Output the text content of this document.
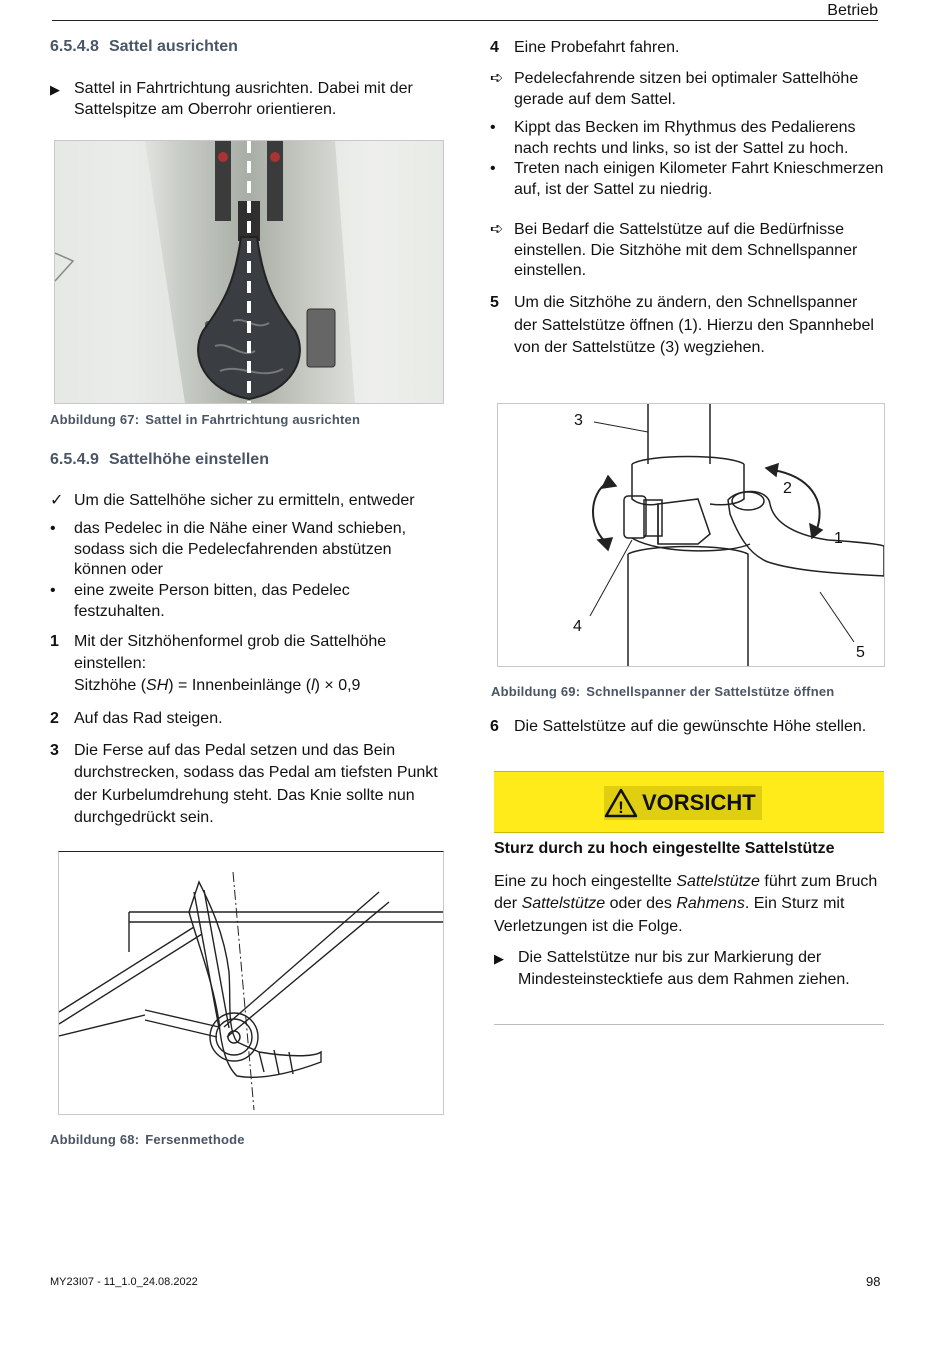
Betrieb
6.5.4.8 Sattel ausrichten
▶ Sattel in Fahrtrichtung ausrichten. Dabei mit der Sattelspitze am Oberrohr orientieren.
Abbildung 67: Sattel in Fahrtrichtung ausrichten
6.5.4.9 Sattelhöhe einstellen
✓ Um die Sattelhöhe sicher zu ermitteln, entweder
•	das Pedelec in die Nähe einer Wand schieben, sodass sich die Pedelecfahrenden abstützen können oder
•	eine zweite Person bitten, das Pedelec festzuhalten.
1 Mit der Sitzhöhenformel grob die Sattelhöhe einstellen:
Sitzhöhe (SH) = Innenbeinlänge (l) × 0,9
2 Auf das Rad steigen.
3 Die Ferse auf das Pedal setzen und das Bein durchstrecken, sodass das Pedal am tiefsten Punkt der Kurbelumdrehung steht. Das Knie sollte nun durchgedrückt sein.
Abbildung 68: Fersenmethode
4 Eine Probefahrt fahren.
➪ Pedelecfahrende sitzen bei optimaler Sattelhöhe gerade auf dem Sattel.
•	Kippt das Becken im Rhythmus des Pedalierens nach rechts und links, so ist der Sattel zu hoch.
•	Treten nach einigen Kilometer Fahrt Knieschmerzen auf, ist der Sattel zu niedrig.
➪ Bei Bedarf die Sattelstütze auf die Bedürfnisse einstellen. Die Sitzhöhe mit dem Schnellspanner einstellen.
5 Um die Sitzhöhe zu ändern, den Schnellspanner der Sattelstütze öffnen (1). Hierzu den Spannhebel von der Sattelstütze (3) wegziehen.
3
2
1
4
5
Abbildung 69: Schnellspanner der Sattelstütze öffnen
6 Die Sattelstütze auf die gewünschte Höhe stellen.
! VORSICHT
Sturz durch zu hoch eingestellte Sattelstütze
Eine zu hoch eingestellte Sattelstütze führt zum Bruch der Sattelstütze oder des Rahmens. Ein Sturz mit Verletzungen ist die Folge.
▶ Die Sattelstütze nur bis zur Markierung der Mindesteinstecktiefe aus dem Rahmen ziehen.
MY23I07 - 11_1.0_24.08.2022	98
